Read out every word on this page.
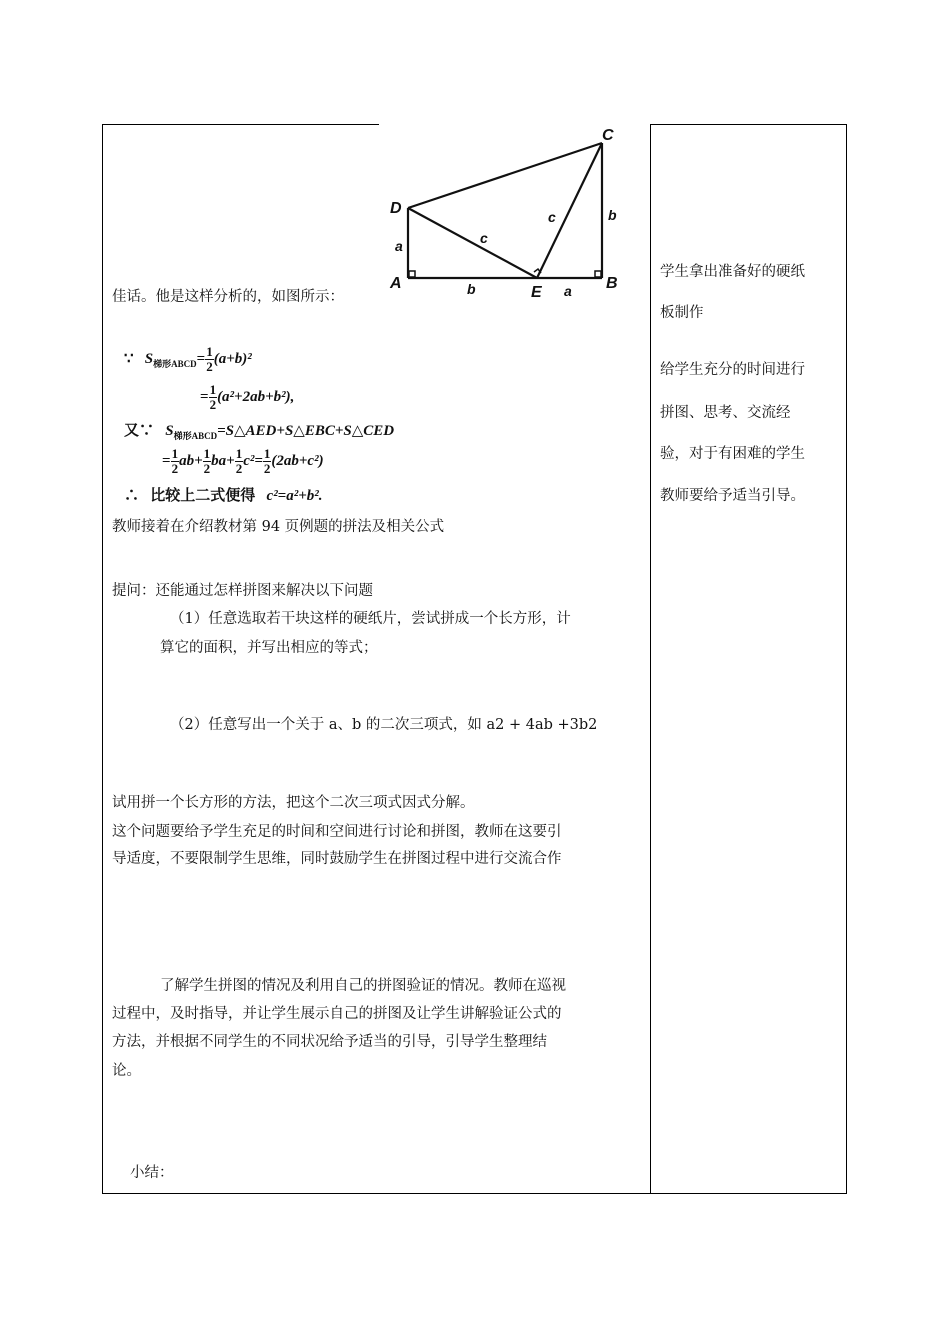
C
D
A
E
B
a
b
c
c	b
a
佳话。他是这样分析的，如图所示：
∵ $S_{梯形ABCD}= \frac{1}{2} (a+b)^2$
= $\frac{1}{2} (a^2+2ab+b^2)$,
又∵ $S_{梯形ABCD}=S\triangle AED+S\triangle EBC+S\triangle CED$
= $\frac{1}{2} ab+ \frac{1}{2} ba+ \frac{1}{2} c^2= \frac{1}{2} (2ab+c^2)$
∴ 比较上二式便得 c²=a²+b².
教师接着在介绍教材第 94 页例题的拼法及相关公式
提问：还能通过怎样拼图来解决以下问题
（1）任意选取若干块这样的硬纸片，尝试拼成一个长方形，计
算它的面积，并写出相应的等式；
（2）任意写出一个关于 a、b 的二次三项式，如 a2 + 4ab +3b2
试用拼一个长方形的方法，把这个二次三项式因式分解。
这个问题要给予学生充足的时间和空间进行讨论和拼图，教师在这要引
导适度，不要限制学生思维，同时鼓励学生在拼图过程中进行交流合作
了解学生拼图的情况及利用自己的拼图验证的情况。教师在巡视
过程中，及时指导，并让学生展示自己的拼图及让学生讲解验证公式的
方法，并根据不同学生的不同状况给予适当的引导，引导学生整理结
论。
小结：
学生拿出准备好的硬纸
板制作
给学生充分的时间进行
拼图、思考、交流经
验，对于有困难的学生
教师要给予适当引导。
